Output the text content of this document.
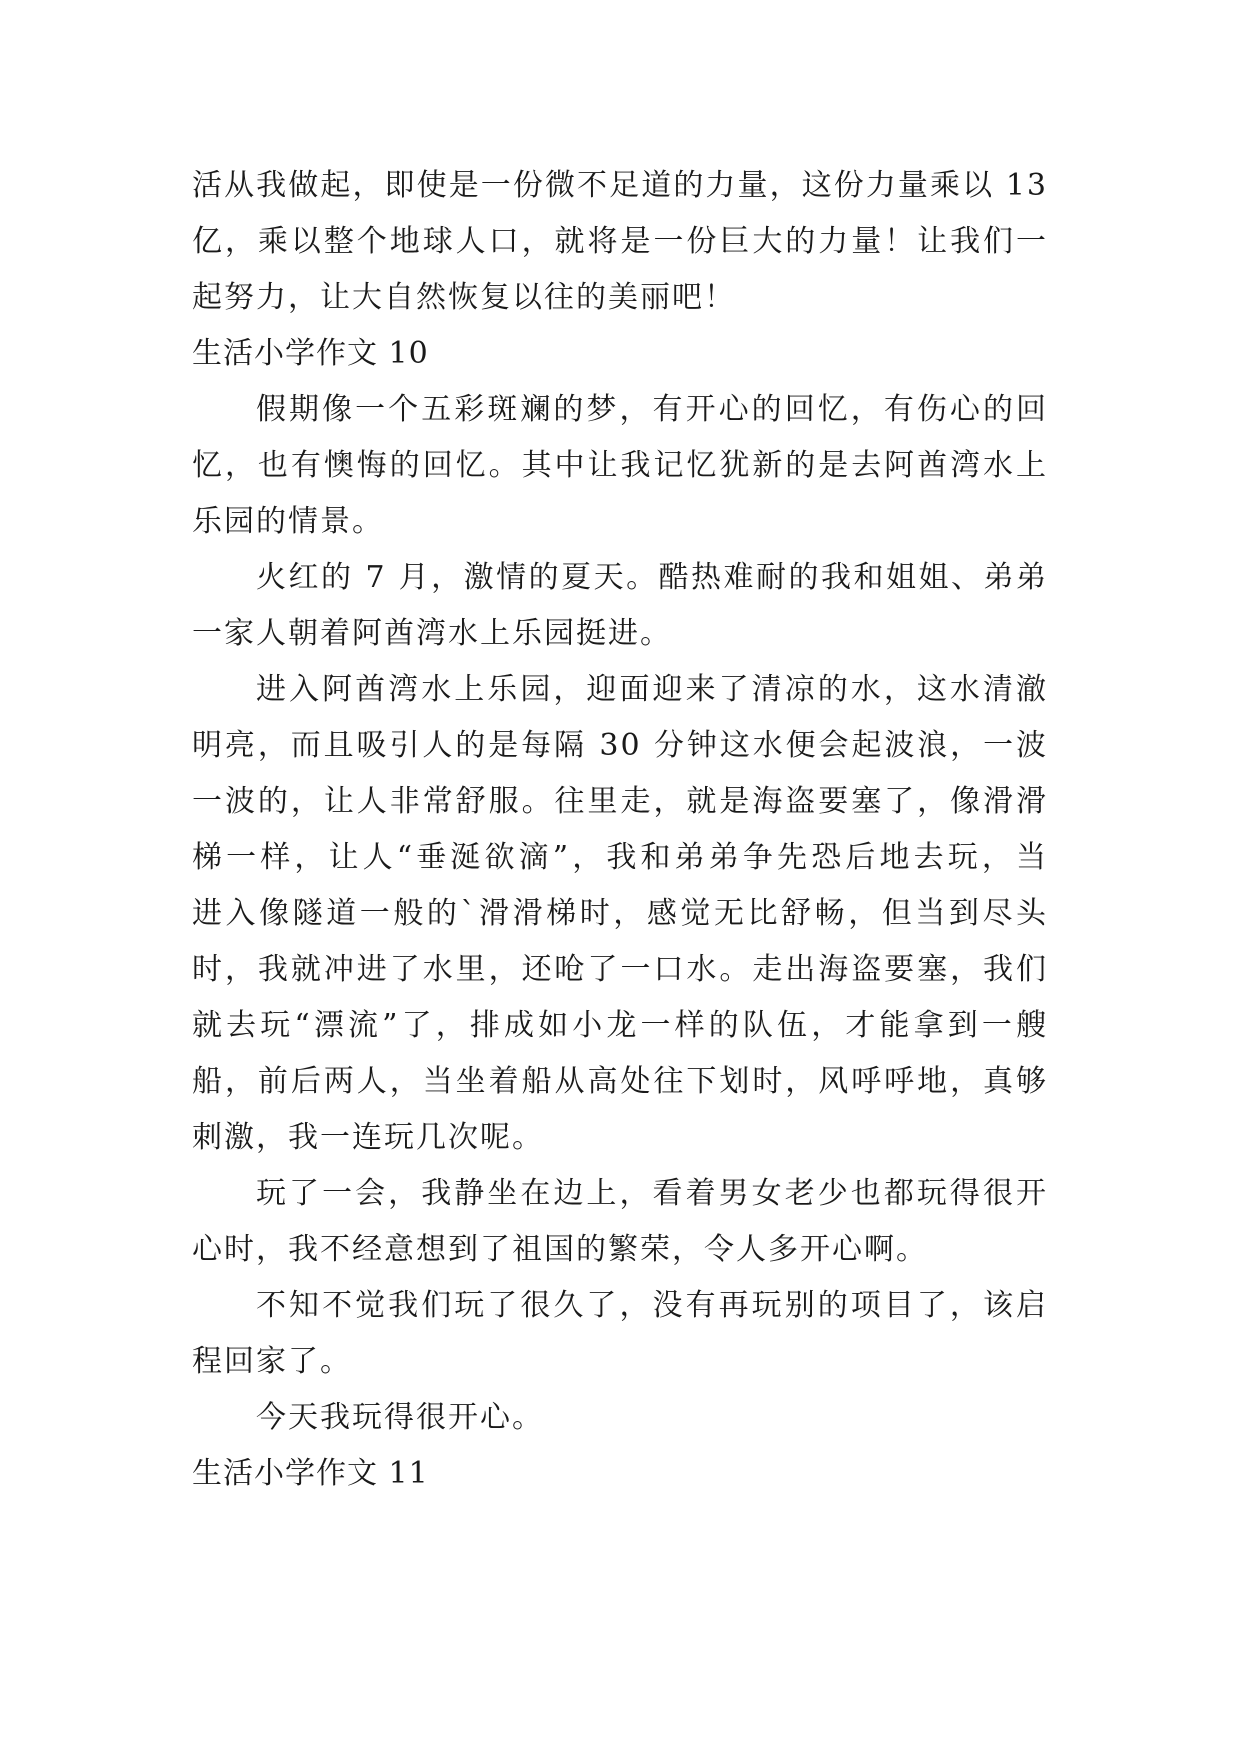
活从我做起，即使是一份微不足道的力量，这份力量乘以 13
亿，乘以整个地球人口，就将是一份巨大的力量！让我们一
起努力，让大自然恢复以往的美丽吧！
生活小学作文 10
假期像一个五彩斑斓的梦，有开心的回忆，有伤心的回
忆，也有懊悔的回忆。其中让我记忆犹新的是去阿酋湾水上
乐园的情景。
火红的 7 月，激情的夏天。酷热难耐的我和姐姐、弟弟
一家人朝着阿酋湾水上乐园挺进。
进入阿酋湾水上乐园，迎面迎来了清凉的水，这水清澈
明亮，而且吸引人的是每隔 30 分钟这水便会起波浪，一波
一波的，让人非常舒服。往里走，就是海盗要塞了，像滑滑
梯一样，让人“垂涎欲滴”，我和弟弟争先恐后地去玩，当
进入像隧道一般的`滑滑梯时，感觉无比舒畅，但当到尽头
时，我就冲进了水里，还呛了一口水。走出海盗要塞，我们
就去玩“漂流”了，排成如小龙一样的队伍，才能拿到一艘
船，前后两人，当坐着船从高处往下划时，风呼呼地，真够
刺激，我一连玩几次呢。
玩了一会，我静坐在边上，看着男女老少也都玩得很开
心时，我不经意想到了祖国的繁荣，令人多开心啊。
不知不觉我们玩了很久了，没有再玩别的项目了，该启
程回家了。
今天我玩得很开心。
生活小学作文 11
